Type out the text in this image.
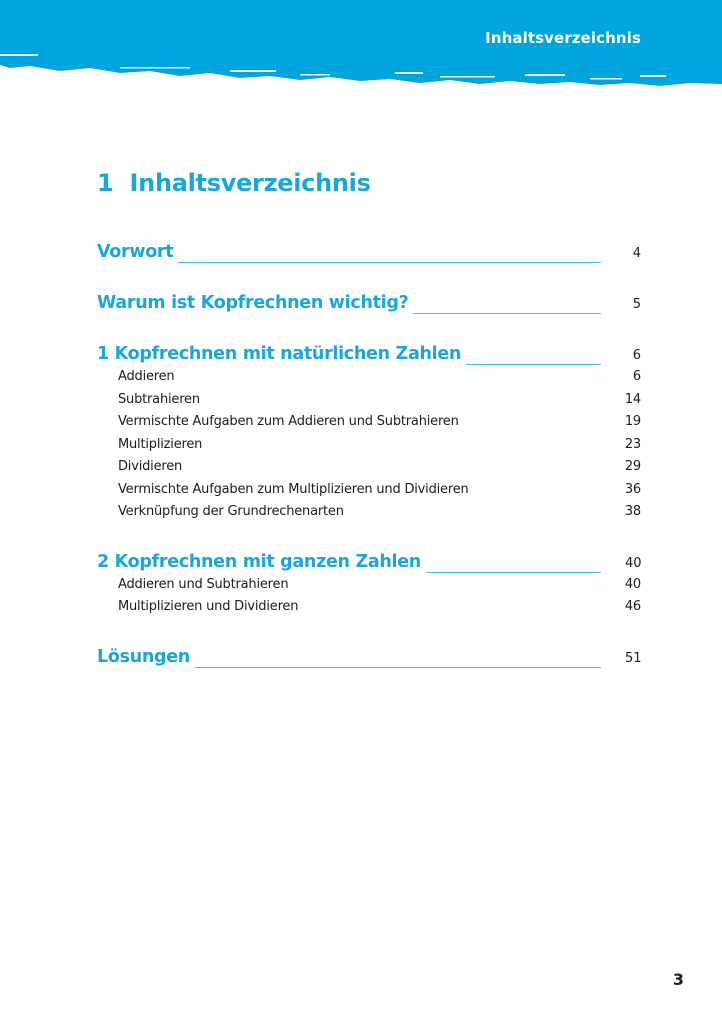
Inhaltsverzeichnis
1 Inhaltsverzeichnis
Vorwort	4
Warum ist Kopfrechnen wichtig?	5
1 Kopfrechnen mit natürlichen Zahlen	6
Addieren	6
Subtrahieren	14
Vermischte Aufgaben zum Addieren und Subtrahieren	19
Multiplizieren	23
Dividieren	29
Vermischte Aufgaben zum Multiplizieren und Dividieren	36
Verknüpfung der Grundrechenarten	38
2 Kopfrechnen mit ganzen Zahlen	40
Addieren und Subtrahieren	40
Multiplizieren und Dividieren	46
Lösungen	51
3
